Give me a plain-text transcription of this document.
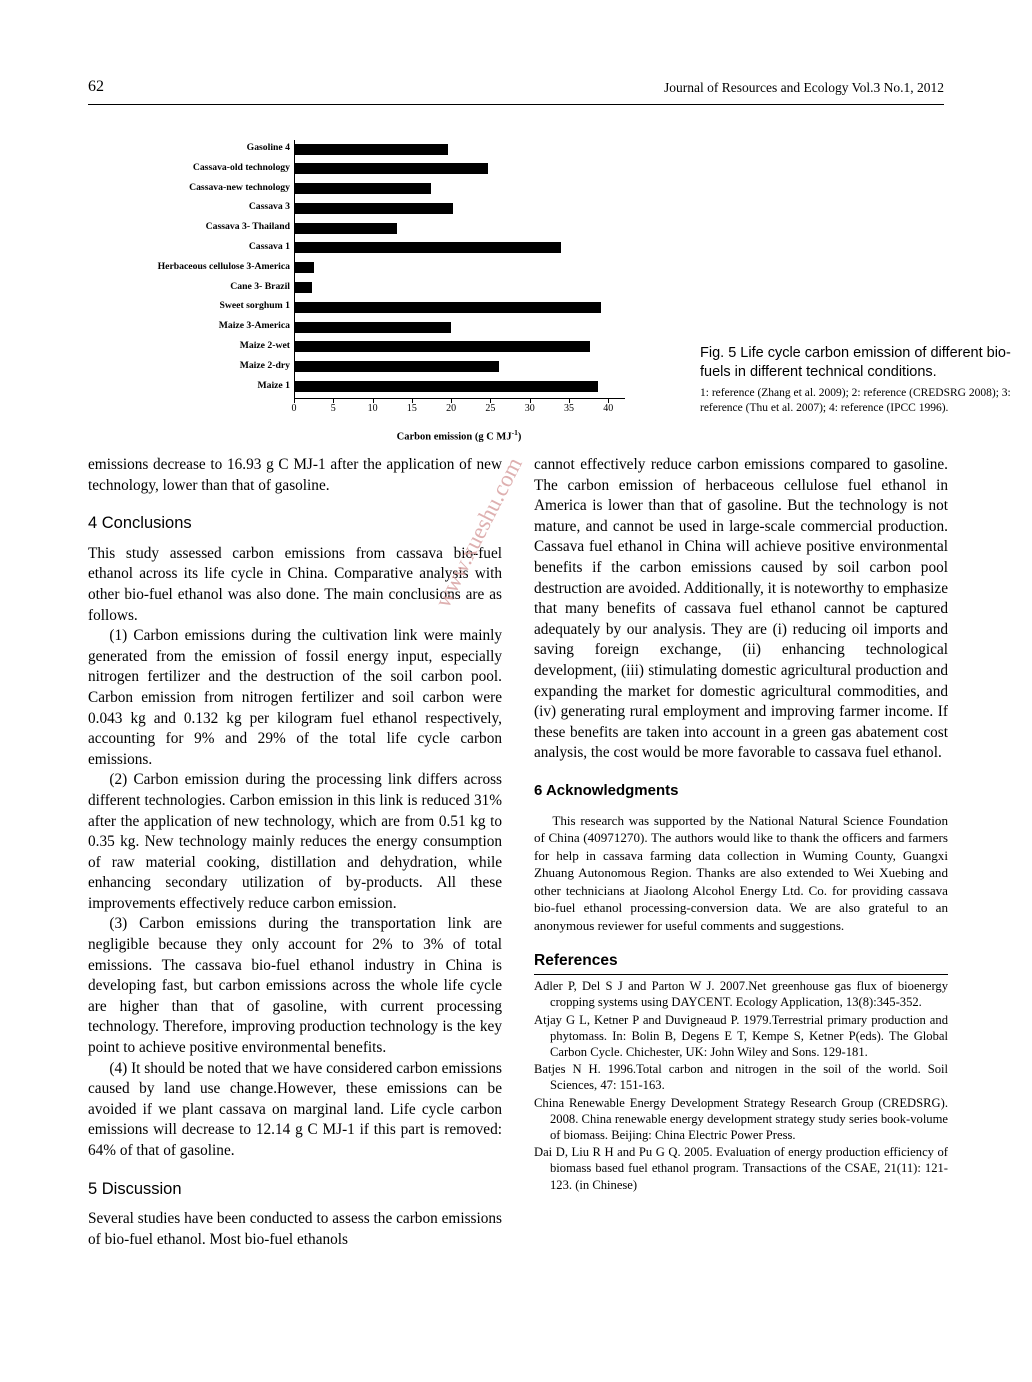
62	Journal of Resources and Ecology Vol.3 No.1, 2012
Gasoline 4
Cassava-old technology
Cassava-new technology
Cassava 3
Cassava 3- Thailand
Cassava 1
Herbaceous cellulose 3-America
Cane 3- Brazil
Sweet sorghum 1
Maize 3-America
Maize 2-wet
Maize 2-dry
Maize 1
0	5	10	15	20	25	30	35	40
Carbon emission (g C $MJ^{-1}$)
Fig. 5 Life cycle carbon emission of different bio-fuels in different technical conditions.
1: reference (Zhang et al. 2009); 2: reference (CREDSRG 2008); 3: reference (Thu et al. 2007); 4: reference (IPCC 1996).

emissions decrease to 16.93 g C MJ-1 after the application of new technology, lower than that of gasoline.

4 Conclusions

This study assessed carbon emissions from cassava bio-fuel ethanol across its life cycle in China. Comparative analysis with other bio-fuel ethanol was also done. The main conclusions are as follows.

(1) Carbon emissions during the cultivation link were mainly generated from the emission of fossil energy input, especially nitrogen fertilizer and the destruction of the soil carbon pool. Carbon emission from nitrogen fertilizer and soil carbon were 0.043 kg and 0.132 kg per kilogram fuel ethanol respectively, accounting for 9% and 29% of the total life cycle carbon emissions.

(2) Carbon emission during the processing link differs across different technologies. Carbon emission in this link is reduced 31% after the application of new technology, which are from 0.51 kg to 0.35 kg. New technology mainly reduces the energy consumption of raw material cooking, distillation and dehydration, while enhancing secondary utilization of by-products. All these improvements effectively reduce carbon emission.

(3) Carbon emissions during the transportation link are negligible because they only account for 2% to 3% of total emissions. The cassava bio-fuel ethanol industry in China is developing fast, but carbon emissions across the whole life cycle are higher than that of gasoline, with current processing technology. Therefore, improving production technology is the key point to achieve positive environmental benefits.

(4) It should be noted that we have considered carbon emissions caused by land use change.However, these emissions can be avoided if we plant cassava on marginal land. Life cycle carbon emissions will decrease to 12.14 g C MJ-1 if this part is removed: 64% of that of gasoline.

5 Discussion

Several studies have been conducted to assess the carbon emissions of bio-fuel ethanol. Most bio-fuel ethanols

cannot effectively reduce carbon emissions compared to gasoline. The carbon emission of herbaceous cellulose fuel ethanol in America is lower than that of gasoline. But the technology is not mature, and cannot be used in large-scale commercial production. Cassava fuel ethanol in China will achieve positive environmental benefits if the carbon emissions caused by soil carbon pool destruction are avoided. Additionally, it is noteworthy to emphasize that many benefits of cassava fuel ethanol cannot be captured adequately by our analysis. They are (i) reducing oil imports and saving foreign exchange, (ii) enhancing technological development, (iii) stimulating domestic agricultural production and expanding the market for domestic agricultural commodities, and (iv) generating rural employment and improving farmer income. If these benefits are taken into account in a green gas abatement cost analysis, the cost would be more favorable to cassava fuel ethanol.

6 Acknowledgments

This research was supported by the National Natural Science Foundation of China (40971270). The authors would like to thank the officers and farmers for help in cassava farming data collection in Wuming County, Guangxi Zhuang Autonomous Region. Thanks are also extended to Wei Xuebing and other technicians at Jiaolong Alcohol Energy Ltd. Co. for providing cassava bio-fuel ethanol processing-conversion data. We are also grateful to an anonymous reviewer for useful comments and suggestions.

References
Adler P, Del S J and Parton W J. 2007.Net greenhouse gas flux of bioenergy cropping systems using DAYCENT. Ecology Application, 13(8):345-352.
Atjay G L, Ketner P and Duvigneaud P. 1979.Terrestrial primary production and phytomass. In: Bolin B, Degens E T, Kempe S, Ketner P(eds). The Global Carbon Cycle. Chichester, UK: John Wiley and Sons. 129-181.
Batjes N H. 1996.Total carbon and nitrogen in the soil of the world. Soil Sciences, 47: 151-163.
China Renewable Energy Development Strategy Research Group (CREDSRG). 2008. China renewable energy development strategy study series book-volume of biomass. Beijing: China Electric Power Press.
Dai D, Liu R H and Pu G Q. 2005. Evaluation of energy production efficiency of biomass based fuel ethanol program. Transactions of the CSAE, 21(11): 121-123. (in Chinese)
www.xueshu.com
